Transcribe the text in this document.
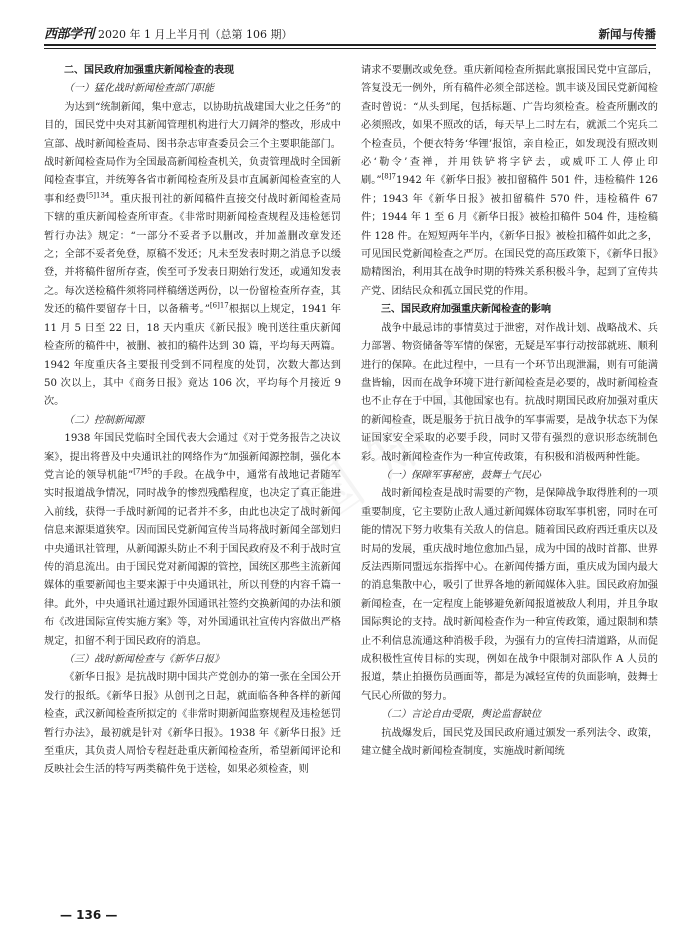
西部学刊 2020 年 1 月上半月刊（总第 106 期）	新闻与传播

二、国民政府加强重庆新闻检查的表现

（一）猛化战时新闻检查部门职能

为达到“统制新闻，集中意志，以协助抗战建国大业之任务”的目的，国民党中央对其新闻管理机构进行大刀阔斧的整改，形成中宣部、战时新闻检查局、图书杂志审查委员会三个主要职能部门。战时新闻检查局作为全国最高新闻检查机关，负责管理战时全国新闻检查事宜，并统筹各省市新闻检查所及县市直属新闻检查室的人事和经费$^{[5]134}$。重庆报刊社的新闻稿件直接交付战时新闻检查局下辖的重庆新闻检查所审查。《非常时期新闻检查规程及违检惩罚暂行办法》规定：“一部分不妥者予以删改，并加盖删改章发还之；全部不妥者免登，原稿不发还；凡未至发表时期之消息予以缓登，并将稿件留所存查，俟至可予发表日期始行发还，或通知发表之。每次送检稿件须将同样稿缮送两份，以一份留检查所存查，其发还的稿件要留存十日，以备稽考。”$^{[6]17}$根据以上规定，1941 年 11 月 5 日至 22 日，18 天内重庆《新民报》晚刊送往重庆新闻检查所的稿件中，被删、被扣的稿件达到 30 篇，平均每天两篇。1942 年度重庆各主要报刊受到不同程度的处罚，次数大都达到 50 次以上，其中《商务日报》竟达 106 次，平均每个月接近 9 次。

（二）控制新闻源

1938 年国民党临时全国代表大会通过《对于党务报告之决议案》，提出将普及中央通讯社的网络作为“加强新闻源控制，强化本党言论的领导机能”$^{[7]45}$的手段。在战争中，通常有战地记者随军实时报道战争情况，同时战争的惨烈残酷程度，也决定了真正能进入前线，获得一手战时新闻的记者并不多，由此也决定了战时新闻信息来源渠道狭窄。因而国民党新闻宣传当局将战时新闻全部划归中央通讯社管理，从新闻源头防止不利于国民政府及不利于战时宣传的消息流出。由于国民党对新闻源的管控，国统区那些主流新闻媒体的重要新闻也主要来源于中央通讯社，所以刊登的内容千篇一律。此外，中央通讯社通过跟外国通讯社签约交换新闻的办法和颁布《改进国际宣传实施方案》等，对外国通讯社宣传内容做出严格规定，扣留不利于国民政府的消息。

（三）战时新闻检查与《新华日报》

《新华日报》是抗战时期中国共产党创办的第一张在全国公开发行的报纸。《新华日报》从创刊之日起，就面临各种各样的新闻检查，武汉新闻检查所拟定的《非常时期新闻监察规程及违检惩罚暂行办法》，最初就是针对《新华日报》。1938 年《新华日报》迁至重庆，其负责人周恰专程赶赴重庆新闻检查所，希望新闻评论和反映社会生活的特写两类稿件免于送检，如果必须检查，则

请求不要删改或免登。重庆新闻检查所据此禀报国民党中宣部后，答复没无一例外，所有稿件必须全部送检。凯丰谈及国民党新闻检查时曾说：“从头到尾，包括标题、广告均须检查。检查所删改的必须照改，如果不照改的话，每天早上二时左右，就派二个宪兵二个检查员，个便衣特务‘华锂’报馆，亲自检正，如发现没有照改则必‘勒令’查禅，并用铁铲将字铲去，或威吓工人停止印刷。”$^{[8]7}$1942 年《新华日报》被扣留稿件 501 件，违检稿件 126 件；1943 年《新华日报》被扣留稿件 570 件，违检稿件 67 件；1944 年 1 至 6 月《新华日报》被检扣稿件 504 件，违检稿件 128 件。在短短两年半内，《新华日报》被检扣稿件如此之多，可见国民党新闻检查之严厉。在国民党的高压政策下，《新华日报》励精图治，利用其在战争时期的特殊关系积极斗争，起到了宣传共产党、团结民众和孤立国民党的作用。

三、国民政府加强重庆新闻检查的影响

战争中最忌讳的事情莫过于泄密，对作战计划、战略战术、兵力部署、物资储备等军情的保密，无疑是军事行动按部就班、顺利进行的保障。在此过程中，一旦有一个环节出现泄漏，则有可能满盘皆输，因而在战争环境下进行新闻检查是必要的，战时新闻检查也不止存在于中国，其他国家也有。抗战时期国民政府加强对重庆的新闻检查，既是服务于抗日战争的军事需要，是战争状态下为保证国家安全采取的必要手段，同时又带有强烈的意识形态统制色彩。战时新闻检查作为一种宣传政策，有积极和消极两种性能。

（一）保障军事秘密，鼓舞士气民心

战时新闻检查是战时需要的产物，是保障战争取得胜利的一项重要制度，它主要防止敌人通过新闻媒体窃取军事机密，同时在可能的情况下努力收集有关敌人的信息。随着国民政府西迁重庆以及时局的发展，重庆战时地位愈加凸显，成为中国的战时首都、世界反法西斯同盟远东指挥中心。在新闻传播方面，重庆成为国内最大的消息集散中心，吸引了世界各地的新闻媒体入驻。国民政府加强新闻检查，在一定程度上能够避免新闻报道被敌人利用，并且争取国际舆论的支持。战时新闻检查作为一种宣传政策，通过限制和禁止不利信息流通这种消极手段，为强有力的宣传扫清道路，从而促成积极性宣传目标的实现，例如在战争中限制对部队作 A 人员的报道，禁止拍摄伤员画面等，都是为减轻宣传的负面影响，鼓舞士气民心所做的努力。

（二）言论自由受限，舆论监督缺位

抗战爆发后，国民党及国民政府通过颁发一系列法令、政策，建立健全战时新闻检查制度，实施战时新闻统

— 136 —
